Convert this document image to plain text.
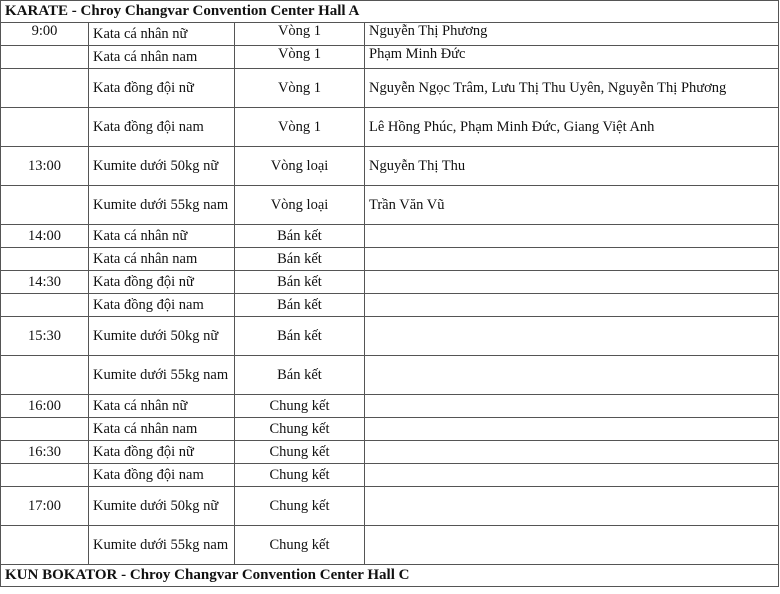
KARATE - Chroy Changvar Convention Center Hall A			
9:00	Kata cá nhân nữ	Vòng 1	Nguyễn Thị Phương
	Kata cá nhân nam	Vòng 1	Phạm Minh Đức
	Kata đồng đội nữ	Vòng 1	Nguyễn Ngọc Trâm, Lưu Thị Thu Uyên, Nguyễn Thị Phương
	Kata đồng đội nam	Vòng 1	Lê Hồng Phúc, Phạm Minh Đức, Giang Việt Anh
13:00	Kumite dưới 50kg nữ	Vòng loại	Nguyễn Thị Thu
	Kumite dưới 55kg nam	Vòng loại	Trần Văn Vũ
14:00	Kata cá nhân nữ	Bán kết	
	Kata cá nhân nam	Bán kết	
14:30	Kata đồng đội nữ	Bán kết	
	Kata đồng đội nam	Bán kết	
15:30	Kumite dưới 50kg nữ	Bán kết	
	Kumite dưới 55kg nam	Bán kết	
16:00	Kata cá nhân nữ	Chung kết	
	Kata cá nhân nam	Chung kết	
16:30	Kata đồng đội nữ	Chung kết	
	Kata đồng đội nam	Chung kết	
17:00	Kumite dưới 50kg nữ	Chung kết	
	Kumite dưới 55kg nam	Chung kết	
KUN BOKATOR - Chroy Changvar Convention Center Hall C			
